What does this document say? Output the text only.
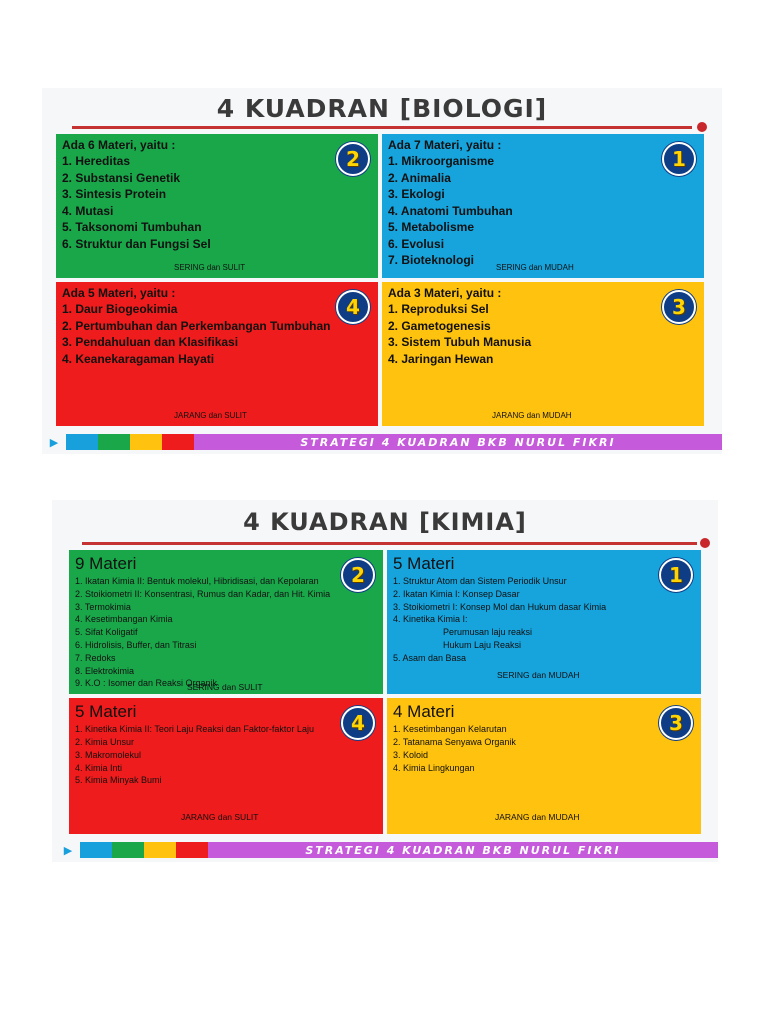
4 KUADRAN [BIOLOGI]
Ada 6 Materi, yaitu :
1. Hereditas
2. Substansi Genetik
3. Sintesis Protein
4. Mutasi
5. Taksonomi Tumbuhan
6. Struktur dan Fungsi Sel
SERING dan SULIT
2
Ada 7 Materi, yaitu :
1. Mikroorganisme
2. Animalia
3. Ekologi
4. Anatomi Tumbuhan
5. Metabolisme
6. Evolusi
7. Bioteknologi
SERING dan MUDAH
1
Ada 5 Materi, yaitu :
1. Daur Biogeokimia
2. Pertumbuhan dan Perkembangan Tumbuhan
3. Pendahuluan dan Klasifikasi
4. Keanekaragaman Hayati
JARANG dan SULIT
4
Ada 3 Materi, yaitu :
1. Reproduksi Sel
2. Gametogenesis
3. Sistem Tubuh Manusia
4. Jaringan Hewan
JARANG dan MUDAH
3
▶	STRATEGI 4 KUADRAN BKB NURUL FIKRI
4 KUADRAN [KIMIA]
9 Materi
1. Ikatan Kimia II: Bentuk molekul, Hibridisasi, dan Kepolaran
2. Stoikiometri II: Konsentrasi, Rumus dan Kadar, dan Hit. Kimia
3. Termokimia
4. Kesetimbangan Kimia
5. Sifat Koligatif
6. Hidrolisis, Buffer, dan Titrasi
7. Redoks
8. Elektrokimia
9. K.O : Isomer dan Reaksi Organik
SERING dan SULIT
2 5 Materi
1. Struktur Atom dan Sistem Periodik Unsur
2. Ikatan Kimia I: Konsep Dasar
3. Stoikiometri I: Konsep Mol dan Hukum dasar Kimia
4. Kinetika Kimia I:
Perumusan laju reaksi
Hukum Laju Reaksi
5. Asam dan Basa
SERING dan MUDAH
1
5 Materi
1. Kinetika Kimia II: Teori Laju Reaksi dan Faktor-faktor Laju
2. Kimia Unsur
3. Makromolekul
4. Kimia Inti
5. Kimia Minyak Bumi
JARANG dan SULIT
4 4 Materi
1. Kesetimbangan Kelarutan
2. Tatanama Senyawa Organik
3. Koloid
4. Kimia Lingkungan
JARANG dan MUDAH
3
▶	STRATEGI 4 KUADRAN BKB NURUL FIKRI
